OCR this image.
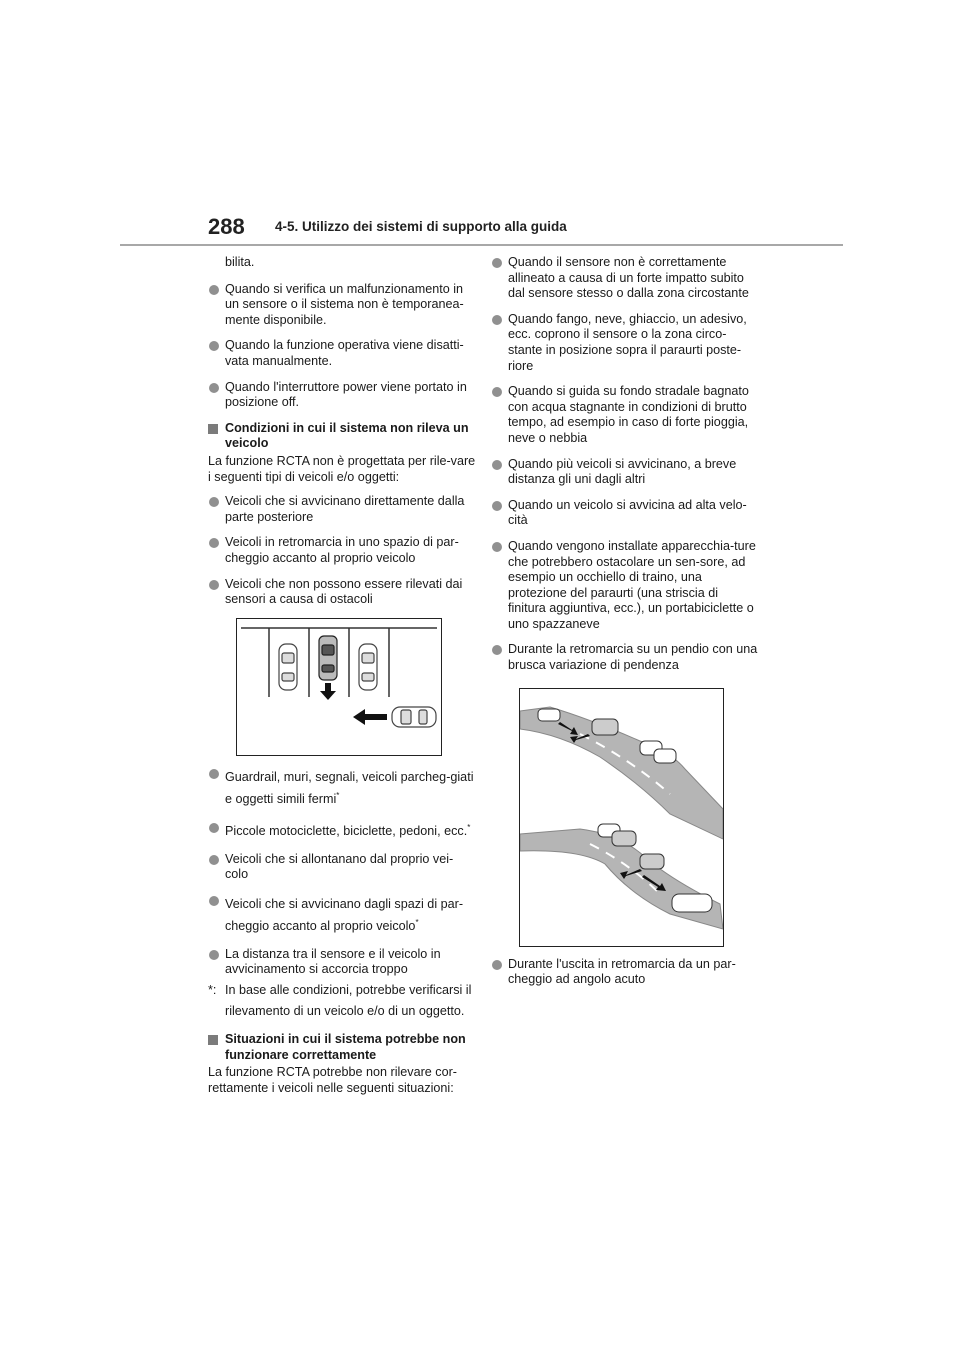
288 4-5. Utilizzo dei sistemi di supporto alla guida
bilita.
Quando si verifica un malfunzionamento in un sensore o il sistema non è temporanea-mente disponibile.
Quando la funzione operativa viene disatti-vata manualmente.
Quando l'interruttore power viene portato in posizione off.
Condizioni in cui il sistema non rileva un veicolo
La funzione RCTA non è progettata per rile-vare i seguenti tipi di veicoli e/o oggetti:
Veicoli che si avvicinano direttamente dalla parte posteriore
Veicoli in retromarcia in uno spazio di par-cheggio accanto al proprio veicolo
Veicoli che non possono essere rilevati dai sensori a causa di ostacoli
Guardrail, muri, segnali, veicoli parcheg-giati e oggetti simili fermi*
Piccole motociclette, biciclette, pedoni, ecc.*
Veicoli che si allontanano dal proprio vei-colo
Veicoli che si avvicinano dagli spazi di par-cheggio accanto al proprio veicolo*
La distanza tra il sensore e il veicolo in avvicinamento si accorcia troppo
*: In base alle condizioni, potrebbe verificarsi il rilevamento di un veicolo e/o di un oggetto.
Situazioni in cui il sistema potrebbe non funzionare correttamente
La funzione RCTA potrebbe non rilevare cor-rettamente i veicoli nelle seguenti situazioni:
Quando il sensore non è correttamente allineato a causa di un forte impatto subito dal sensore stesso o dalla zona circostante
Quando fango, neve, ghiaccio, un adesivo, ecc. coprono il sensore o la zona circo-stante in posizione sopra il paraurti poste-riore
Quando si guida su fondo stradale bagnato con acqua stagnante in condizioni di brutto tempo, ad esempio in caso di forte pioggia, neve o nebbia
Quando più veicoli si avvicinano, a breve distanza gli uni dagli altri
Quando un veicolo si avvicina ad alta velo-cità
Quando vengono installate apparecchia-ture che potrebbero ostacolare un sen-sore, ad esempio un occhiello di traino, una protezione del paraurti (una striscia di finitura aggiuntiva, ecc.), un portabiciclette o uno spazzaneve
Durante la retromarcia su un pendio con una brusca variazione di pendenza
Durante l'uscita in retromarcia da un par-cheggio ad angolo acuto
